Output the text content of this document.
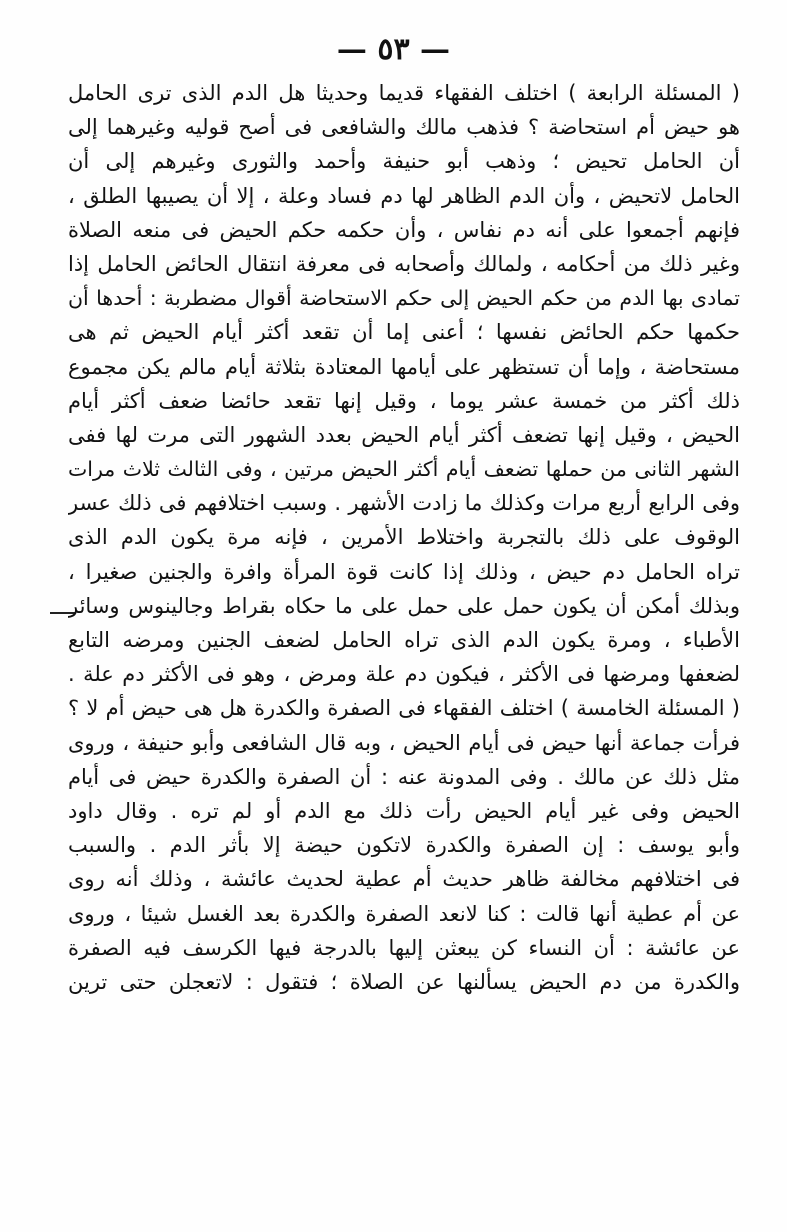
— ٥٣ —
( المسئلة الرابعة ) اختلف الفقهاء قديما وحديثا هل الدم الذى ترى الحامل
هو حيض أم استحاضة ؟ فذهب مالك والشافعى فى أصح قوليه وغيرهما إلى
أن الحامل تحيض ؛ وذهب أبو حنيفة وأحمد والثورى وغيرهم إلى أن
الحامل لاتحيض ، وأن الدم الظاهر لها دم فساد وعلة ، إلا أن يصيبها الطلق ،
فإنهم أجمعوا على أنه دم نفاس ، وأن حكمه حكم الحيض فى منعه الصلاة
وغير ذلك من أحكامه ، ولمالك وأصحابه فى معرفة انتقال الحائض الحامل إذا
تمادى بها الدم من حكم الحيض إلى حكم الاستحاضة أقوال مضطربة : أحدها أن
حكمها حكم الحائض نفسها ؛ أعنى إما أن تقعد أكثر أيام الحيض ثم هى
مستحاضة ، وإما أن تستظهر على أيامها المعتادة بثلاثة أيام مالم يكن مجموع
ذلك أكثر من خمسة عشر يوما ، وقيل إنها تقعد حائضا ضعف أكثر أيام
الحيض ، وقيل إنها تضعف أكثر أيام الحيض بعدد الشهور التى مرت لها ففى
الشهر الثانى من حملها تضعف أيام أكثر الحيض مرتين ، وفى الثالث ثلاث مرات
وفى الرابع أربع مرات وكذلك ما زادت الأشهر . وسبب اختلافهم فى ذلك عسر
الوقوف على ذلك بالتجربة واختلاط الأمرين ، فإنه مرة يكون الدم الذى
تراه الحامل دم حيض ، وذلك إذا كانت قوة المرأة وافرة والجنين صغيرا ،
وبذلك أمكن أن يكون حمل على حمل على ما حكاه بقراط وجالينوس وسائر
الأطباء ، ومرة يكون الدم الذى تراه الحامل لضعف الجنين ومرضه التابع
لضعفها ومرضها فى الأكثر ، فيكون دم علة ومرض ، وهو فى الأكثر دم علة .
( المسئلة الخامسة ) اختلف الفقهاء فى الصفرة والكدرة هل هى حيض أم لا ؟
فرأت جماعة أنها حيض فى أيام الحيض ، وبه قال الشافعى وأبو حنيفة ، وروى
مثل ذلك عن مالك . وفى المدونة عنه : أن الصفرة والكدرة حيض فى أيام
الحيض وفى غير أيام الحيض رأت ذلك مع الدم أو لم تره . وقال داود
وأبو يوسف : إن الصفرة والكدرة لاتكون حيضة إلا بأثر الدم . والسبب
فى اختلافهم مخالفة ظاهر حديث أم عطية لحديث عائشة ، وذلك أنه روى
عن أم عطية أنها قالت : كنا لانعد الصفرة والكدرة بعد الغسل شيئا ، وروى
عن عائشة : أن النساء كن يبعثن إليها بالدرجة فيها الكرسف فيه الصفرة
والكدرة من دم الحيض يسألنها عن الصلاة ؛ فتقول : لاتعجلن حتى ترين
